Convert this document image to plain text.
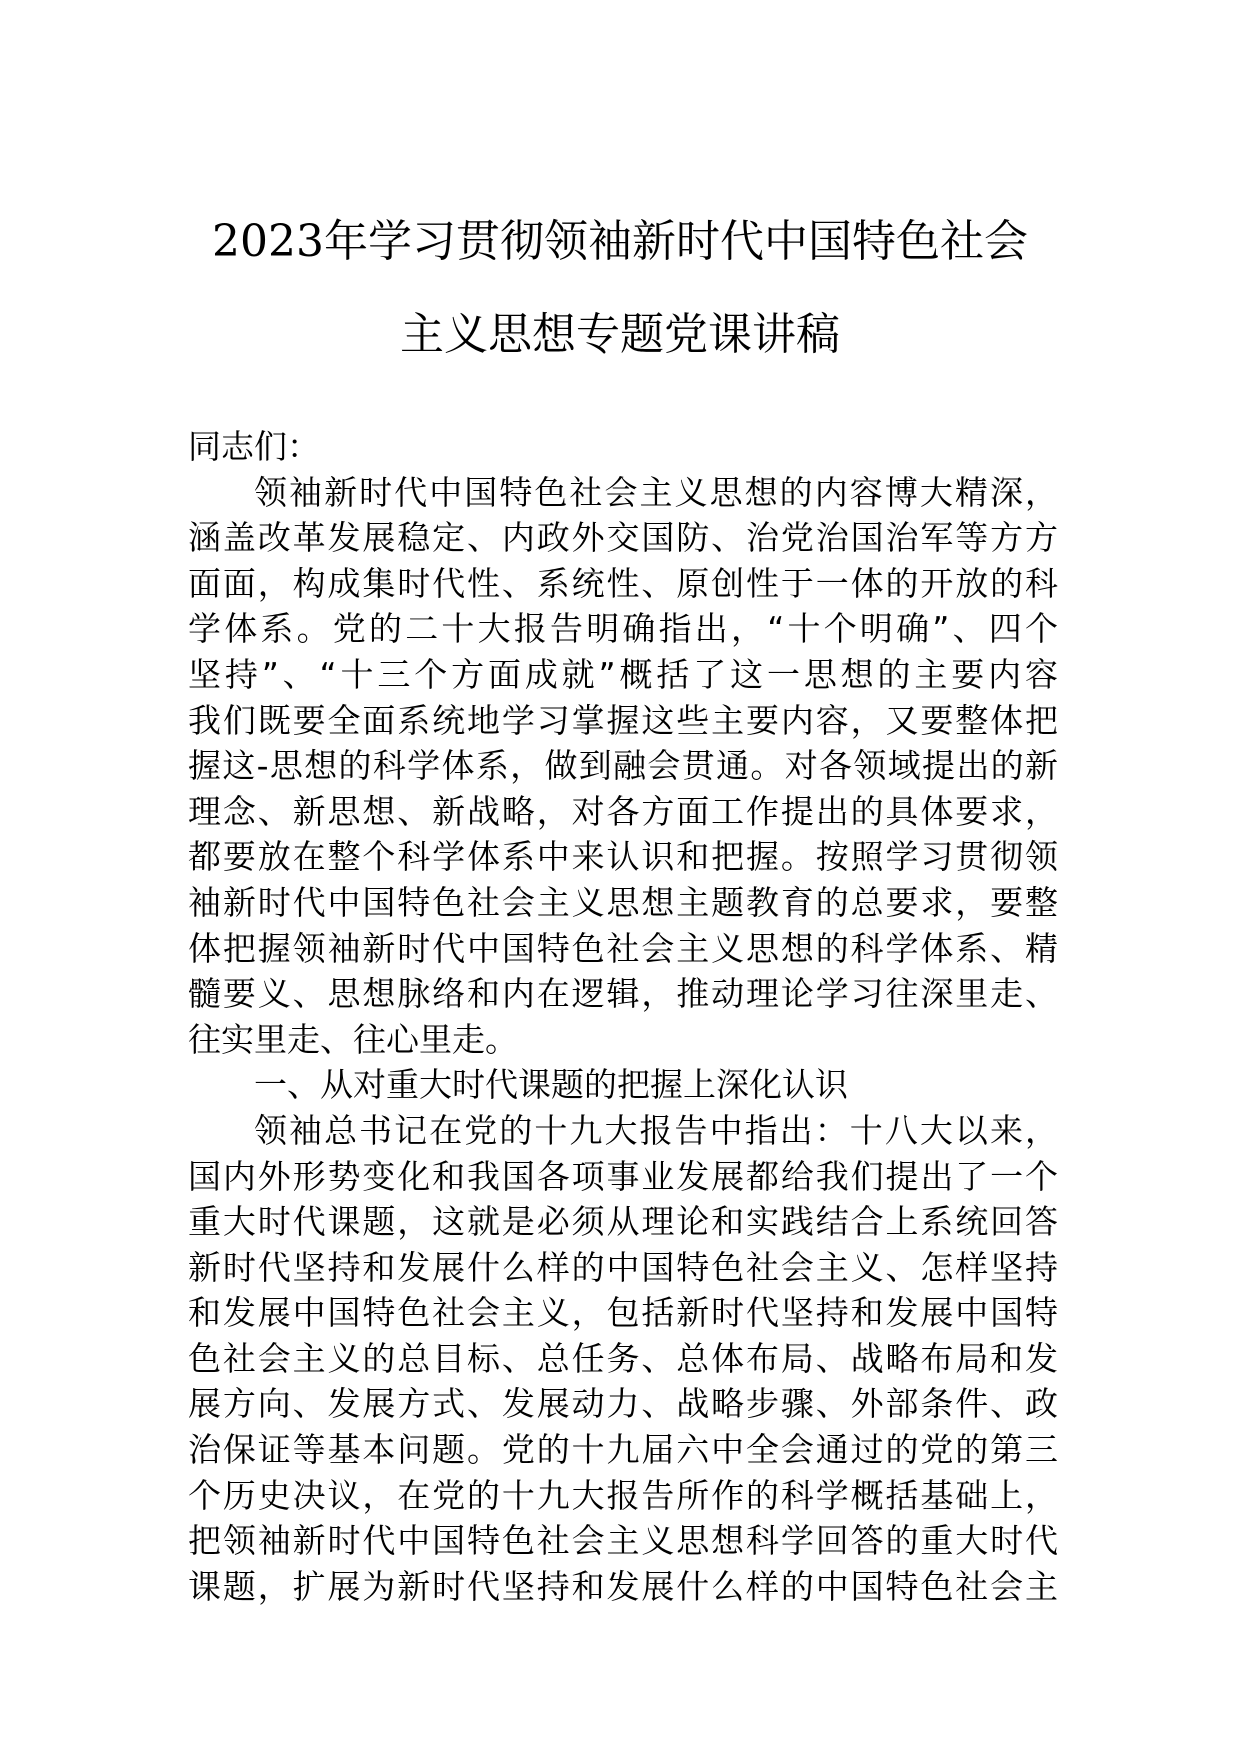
2023年学习贯彻领袖新时代中国特色社会
主义思想专题党课讲稿
同志们：
领袖新时代中国特色社会主义思想的内容博大精深，
涵盖改革发展稳定、内政外交国防、治党治国治军等方方
面面，构成集时代性、系统性、原创性于一体的开放的科
学体系。党的二十大报告明确指出，“十个明确”、四个
坚持”、“十三个方面成就”概括了这一思想的主要内容
我们既要全面系统地学习掌握这些主要内容，又要整体把
握这-思想的科学体系，做到融会贯通。对各领域提出的新
理念、新思想、新战略，对各方面工作提出的具体要求，
都要放在整个科学体系中来认识和把握。按照学习贯彻领
袖新时代中国特色社会主义思想主题教育的总要求，要整
体把握领袖新时代中国特色社会主义思想的科学体系、精
髓要义、思想脉络和内在逻辑，推动理论学习往深里走、
往实里走、往心里走。
一、从对重大时代课题的把握上深化认识
领袖总书记在党的十九大报告中指出：十八大以来，
国内外形势变化和我国各项事业发展都给我们提出了一个
重大时代课题，这就是必须从理论和实践结合上系统回答
新时代坚持和发展什么样的中国特色社会主义、怎样坚持
和发展中国特色社会主义，包括新时代坚持和发展中国特
色社会主义的总目标、总任务、总体布局、战略布局和发
展方向、发展方式、发展动力、战略步骤、外部条件、政
治保证等基本问题。党的十九届六中全会通过的党的第三
个历史决议，在党的十九大报告所作的科学概括基础上，
把领袖新时代中国特色社会主义思想科学回答的重大时代
课题，扩展为新时代坚持和发展什么样的中国特色社会主
